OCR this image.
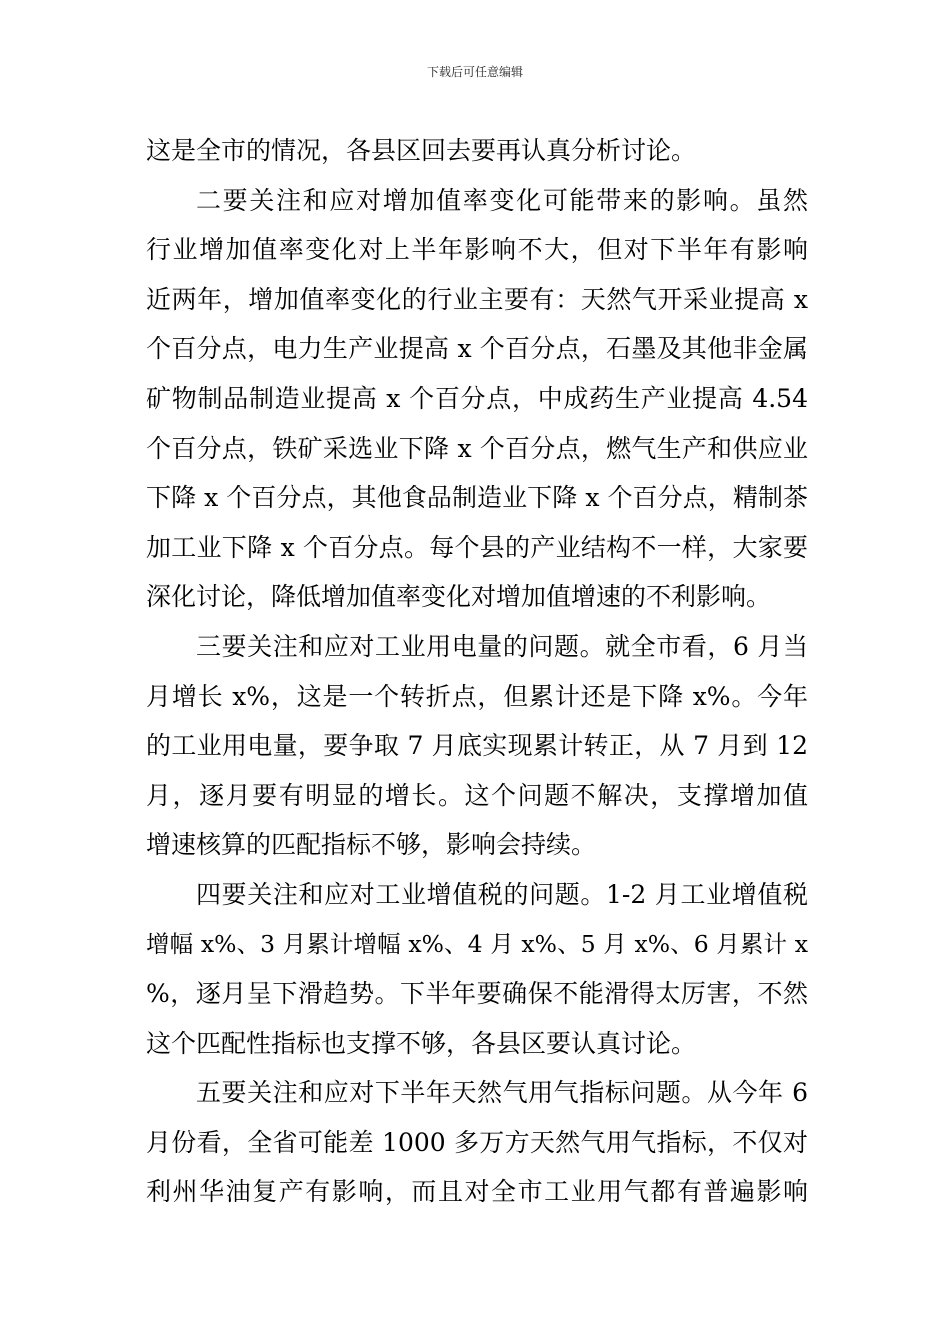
下载后可任意编辑
这是全市的情况，各县区回去要再认真分析讨论。
二要关注和应对增加值率变化可能带来的影响。虽然
行业增加值率变化对上半年影响不大，但对下半年有影响
近两年，增加值率变化的行业主要有：天然气开采业提高 x
个百分点，电力生产业提高 x 个百分点，石墨及其他非金属
矿物制品制造业提高 x 个百分点，中成药生产业提高 4.54
个百分点，铁矿采选业下降 x 个百分点，燃气生产和供应业
下降 x 个百分点，其他食品制造业下降 x 个百分点，精制茶
加工业下降 x 个百分点。每个县的产业结构不一样，大家要
深化讨论，降低增加值率变化对增加值增速的不利影响。
三要关注和应对工业用电量的问题。就全市看，6 月当
月增长 x%，这是一个转折点，但累计还是下降 x%。今年
的工业用电量，要争取 7 月底实现累计转正，从 7 月到 12
月，逐月要有明显的增长。这个问题不解决，支撑增加值
增速核算的匹配指标不够，影响会持续。
四要关注和应对工业增值税的问题。1-2 月工业增值税
增幅 x%、3 月累计增幅 x%、4 月 x%、5 月 x%、6 月累计 x
%，逐月呈下滑趋势。下半年要确保不能滑得太厉害，不然
这个匹配性指标也支撑不够，各县区要认真讨论。
五要关注和应对下半年天然气用气指标问题。从今年 6
月份看，全省可能差 1000 多万方天然气用气指标，不仅对
利州华油复产有影响，而且对全市工业用气都有普遍影响
